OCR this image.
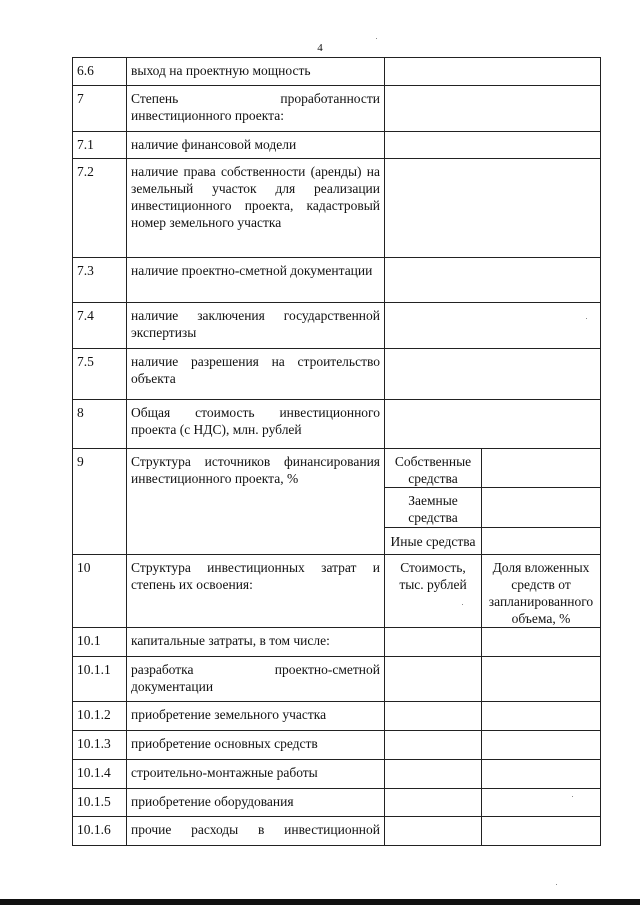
4
6.6	выход на проектную мощность		
7	Степень проработанности инвестиционного проекта:		
7.1	наличие финансовой модели		
7.2	наличие права собственности (аренды) на земельный участок для реализации инвестиционного проекта, кадастровый номер земельного участка		
7.3	наличие проектно-сметной документации		
7.4	наличие заключения государственной экспертизы		
7.5	наличие разрешения на строительство объекта		
8	Общая стоимость инвестиционного проекта (с НДС), млн. рублей		
9	Структура источников финансирования инвестиционного проекта, %	Собственные средства	
		Заемные средства	
		Иные средства	
10	Структура инвестиционных затрат и степень их освоения:	Стоимость, тыс. рублей	Доля вложенных средств от запланированного объема, %
10.1	капитальные затраты, в том числе:		
10.1.1	разработка проектно-сметной документации		
10.1.2	приобретение земельного участка		
10.1.3	приобретение основных средств		
10.1.4	строительно-монтажные работы		
10.1.5	приобретение оборудования		
10.1.6	прочие расходы в инвестиционной		
